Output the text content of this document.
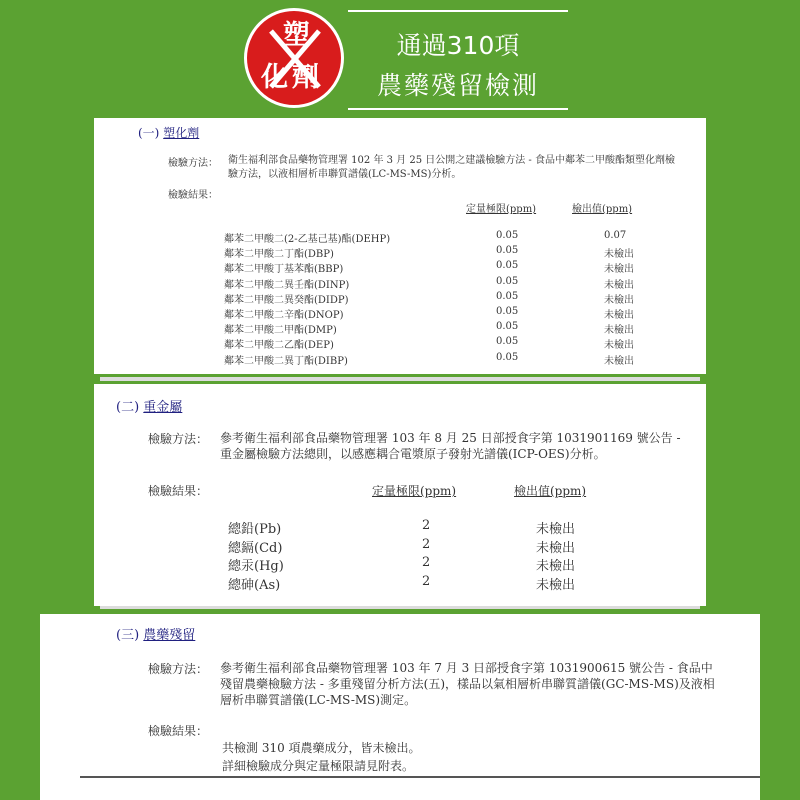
塑
化劑
通過310項
農藥殘留檢測
(一) 塑化劑
檢驗方法： 衛生福利部食品藥物管理署 102 年 3 月 25 日公開之建議檢驗方法 - 食品中鄰苯二甲酸酯類塑化劑檢驗方法，以液相層析串聯質譜儀(LC-MS-MS)分析。
檢驗結果：
定量極限(ppm)	檢出值(ppm)
鄰苯二甲酸二(2-乙基己基)酯(DEHP)	0.05	0.07
鄰苯二甲酸二丁酯(DBP)	0.05	未檢出
鄰苯二甲酸丁基苯酯(BBP)	0.05	未檢出
鄰苯二甲酸二異壬酯(DINP)	0.05	未檢出
鄰苯二甲酸二異癸酯(DIDP)	0.05	未檢出
鄰苯二甲酸二辛酯(DNOP)	0.05	未檢出
鄰苯二甲酸二甲酯(DMP)	0.05	未檢出
鄰苯二甲酸二乙酯(DEP)	0.05	未檢出
鄰苯二甲酸二異丁酯(DIBP)	0.05	未檢出
(二) 重金屬
檢驗方法： 參考衛生福利部食品藥物管理署 103 年 8 月 25 日部授食字第 1031901169 號公告 - 重金屬檢驗方法總則，以感應耦合電漿原子發射光譜儀(ICP-OES)分析。
檢驗結果：	定量極限(ppm)	檢出值(ppm)
總鉛(Pb)	2	未檢出
總鎘(Cd)	2	未檢出
總汞(Hg)	2	未檢出
總砷(As)	2	未檢出
(三) 農藥殘留
檢驗方法： 參考衛生福利部食品藥物管理署 103 年 7 月 3 日部授食字第 1031900615 號公告 - 食品中殘留農藥檢驗方法 - 多重殘留分析方法(五)，樣品以氣相層析串聯質譜儀(GC-MS-MS)及液相層析串聯質譜儀(LC-MS-MS)測定。
檢驗結果：
共檢測 310 項農藥成分，皆未檢出。
詳細檢驗成分與定量極限請見附表。
